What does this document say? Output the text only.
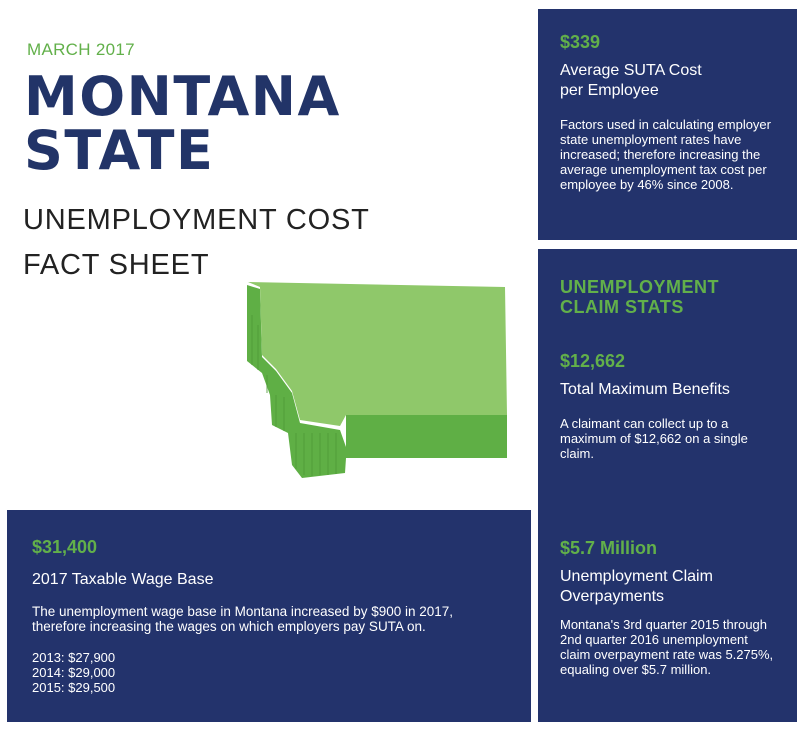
MARCH 2017
MONTANA
STATE
UNEMPLOYMENT COST
FACT SHEET
$339
Average SUTA Cost
per Employee
Factors used in calculating employer state unemployment rates have increased; therefore increasing the average unemployment tax cost per employee by 46% since 2008.
UNEMPLOYMENT
CLAIM STATS
$12,662
Total Maximum Benefits
A claimant can collect up to a maximum of $12,662 on a single claim.
$5.7 Million
Unemployment Claim
Overpayments
Montana's 3rd quarter 2015 through 2nd quarter 2016 unemployment claim overpayment rate was 5.275%, equaling over $5.7 million.
$31,400
2017 Taxable Wage Base
The unemployment wage base in Montana increased by $900 in 2017, therefore increasing the wages on which employers pay SUTA on.
2013: $27,900
2014: $29,000
2015: $29,500
